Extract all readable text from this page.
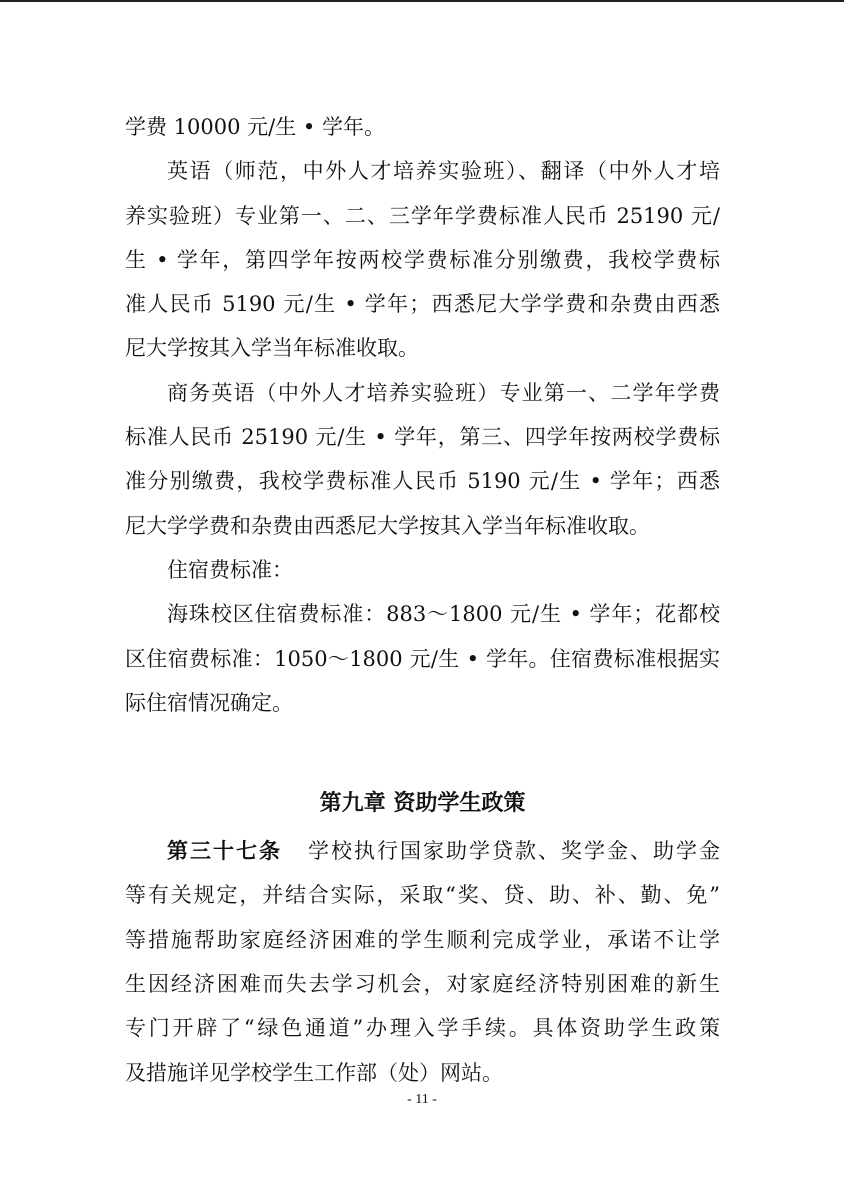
学费 10000 元/生 • 学年。
英语（师范，中外人才培养实验班）、翻译（中外人才培
养实验班）专业第一、二、三学年学费标准人民币 25190 元/
生 • 学年，第四学年按两校学费标准分别缴费，我校学费标
准人民币 5190 元/生 • 学年；西悉尼大学学费和杂费由西悉
尼大学按其入学当年标准收取。
商务英语（中外人才培养实验班）专业第一、二学年学费
标准人民币 25190 元/生 • 学年，第三、四学年按两校学费标
准分别缴费，我校学费标准人民币 5190 元/生 • 学年；西悉
尼大学学费和杂费由西悉尼大学按其入学当年标准收取。
住宿费标准：
海珠校区住宿费标准：883～1800 元/生 • 学年；花都校
区住宿费标准：1050～1800 元/生 • 学年。住宿费标准根据实
际住宿情况确定。
第九章 资助学生政策
第三十七条 学校执行国家助学贷款、奖学金、助学金
等有关规定，并结合实际，采取“奖、贷、助、补、勤、免”
等措施帮助家庭经济困难的学生顺利完成学业，承诺不让学
生因经济困难而失去学习机会，对家庭经济特别困难的新生
专门开辟了“绿色通道”办理入学手续。具体资助学生政策
及措施详见学校学生工作部（处）网站。
- 11 -
